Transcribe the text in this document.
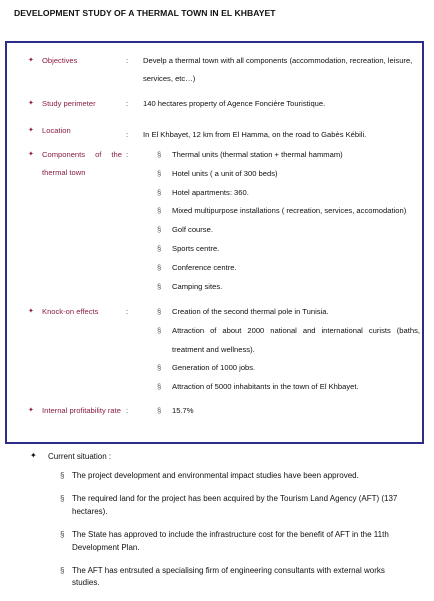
DEVELOPMENT STUDY OF A THERMAL TOWN IN EL KHBAYET
✦ Objectives	: Develp a thermal town with all components (accommodation, recreation, leisure, services, etc…)
✦ Study perimeter	: 140 hectares property of Agence Foncière Touristique.
✦ Location	: In El Khbayet, 12 km from El Hamma, on the road to Gabès Kébili.
✦ Components of the thermal town
:	§ Thermal units (thermal station + thermal hammam)
§ Hotel units ( a unit of 300 beds)
§ Hotel apartments: 360.
§ Mixed multipurpose installations ( recreation, services, accomodation)
§ Golf course.
§ Sports centre.
§ Conference centre.
§ Camping sites.
✦ Knock-on effects	:	§ Creation of the second thermal pole in Tunisia.
§ Attraction of about 2000 national and international curists (baths, treatment and wellness).
§ Generation of 1000 jobs.
§ Attraction of 5000 inhabitants in the town of El Khbayet.
✦ Internal profitability rate :	§ 15.7%
✦ Current situation :
§ The project development and environmental impact studies have been approved.
§ The required land for the project has been acquired by the Tourism Land Agency (AFT) (137 hectares).
§ The State has approved to include the infrastructure cost for the benefit of AFT in the 11th Development Plan.
§ The AFT has entrsuted a specialising firm of engineering consultants with external works studies.
